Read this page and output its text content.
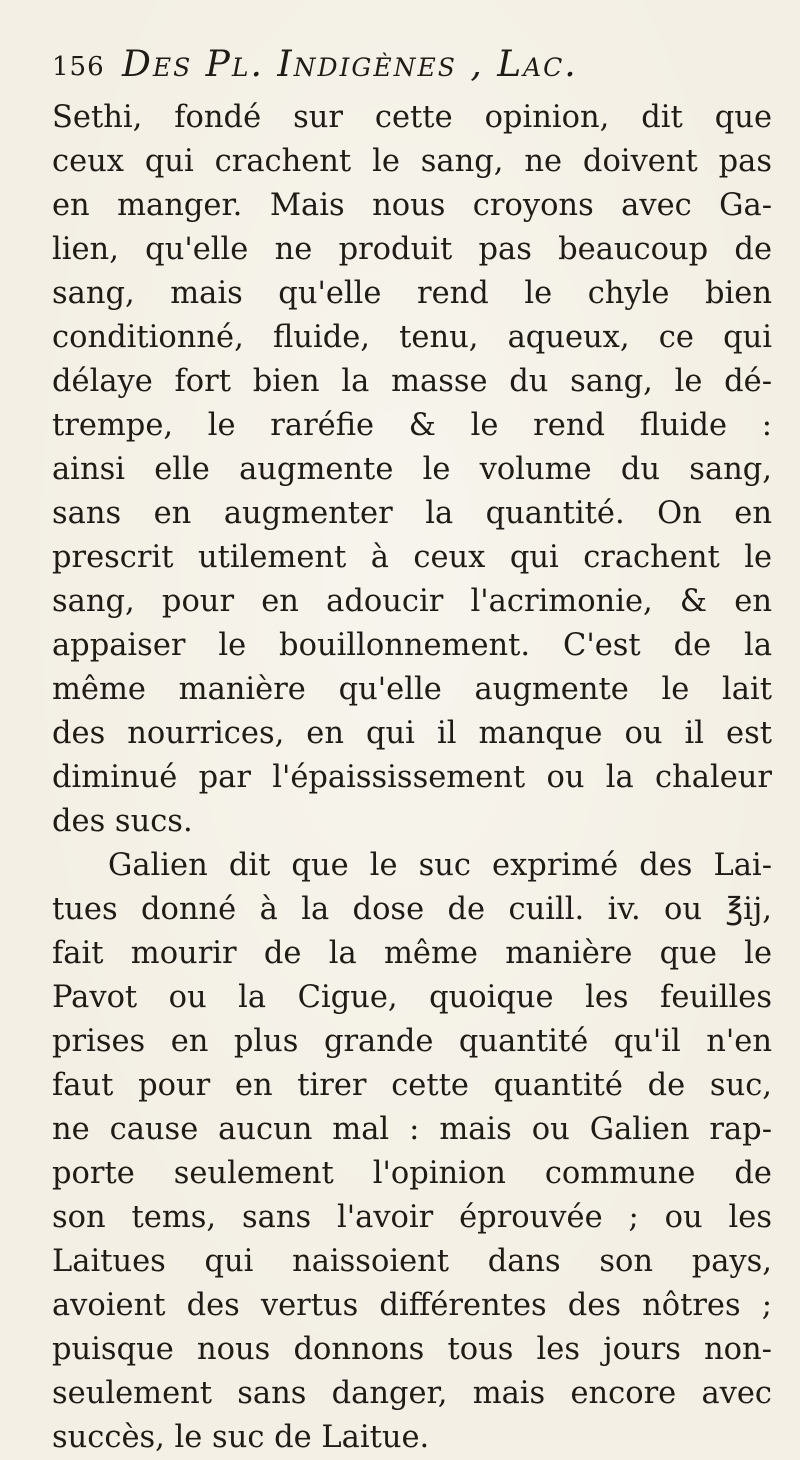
156 Des Pl. Indigènes , Lac.
Sethi, fondé sur cette opinion, dit que
ceux qui crachent le sang, ne doivent pas
en manger. Mais nous croyons avec Ga-
lien, qu'elle ne produit pas beaucoup de
sang, mais qu'elle rend le chyle bien
conditionné, fluide, tenu, aqueux, ce qui
délaye fort bien la masse du sang, le dé-
trempe, le raréfie & le rend fluide :
ainsi elle augmente le volume du sang,
sans en augmenter la quantité. On en
prescrit utilement à ceux qui crachent le
sang, pour en adoucir l'acrimonie, & en
appaiser le bouillonnement. C'est de la
même manière qu'elle augmente le lait
des nourrices, en qui il manque ou il est
diminué par l'épaississement ou la chaleur
des sucs.
Galien dit que le suc exprimé des Lai-
tues donné à la dose de cuill. iv. ou ℥ij,
fait mourir de la même manière que le
Pavot ou la Cigue, quoique les feuilles
prises en plus grande quantité qu'il n'en
faut pour en tirer cette quantité de suc,
ne cause aucun mal : mais ou Galien rap-
porte seulement l'opinion commune de
son tems, sans l'avoir éprouvée ; ou les
Laitues qui naissoient dans son pays,
avoient des vertus différentes des nôtres ;
puisque nous donnons tous les jours non-
seulement sans danger, mais encore avec
succès, le suc de Laitue.
